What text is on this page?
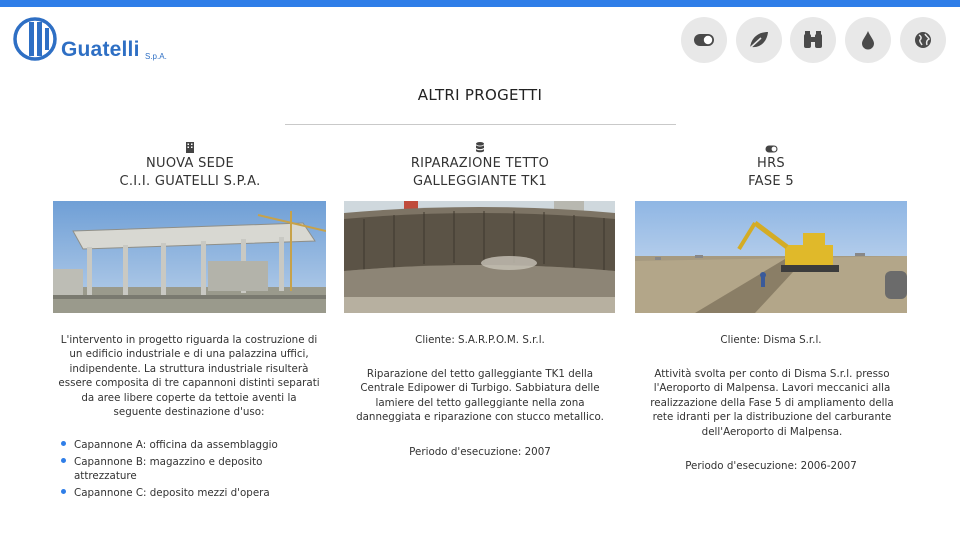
Guatelli S.p.A.
ALTRI PROGETTI
NUOVA SEDE
C.I.I. GUATELLI S.P.A.
L'intervento in progetto riguarda la costruzione di un edificio industriale e di una palazzina uffici, indipendente. La struttura industriale risulterà essere composita di tre capannoni distinti separati da aree libere coperte da tettoie aventi la seguente destinazione d'uso:
Capannone A: officina da assemblaggio
Capannone B: magazzino e deposito attrezzature
Capannone C: deposito mezzi d'opera
RIPARAZIONE TETTO
GALLEGGIANTE TK1
Cliente: S.A.R.P.O.M. S.r.l.
Riparazione del tetto galleggiante TK1 della Centrale Edipower di Turbigo. Sabbiatura delle lamiere del tetto galleggiante nella zona danneggiata e riparazione con stucco metallico.
Periodo d'esecuzione: 2007
HRS
FASE 5
Cliente: Disma S.r.l.
Attività svolta per conto di Disma S.r.l. presso l'Aeroporto di Malpensa. Lavori meccanici alla realizzazione della Fase 5 di ampliamento della rete idranti per la distribuzione del carburante dell'Aeroporto di Malpensa.
Periodo d'esecuzione: 2006-2007
